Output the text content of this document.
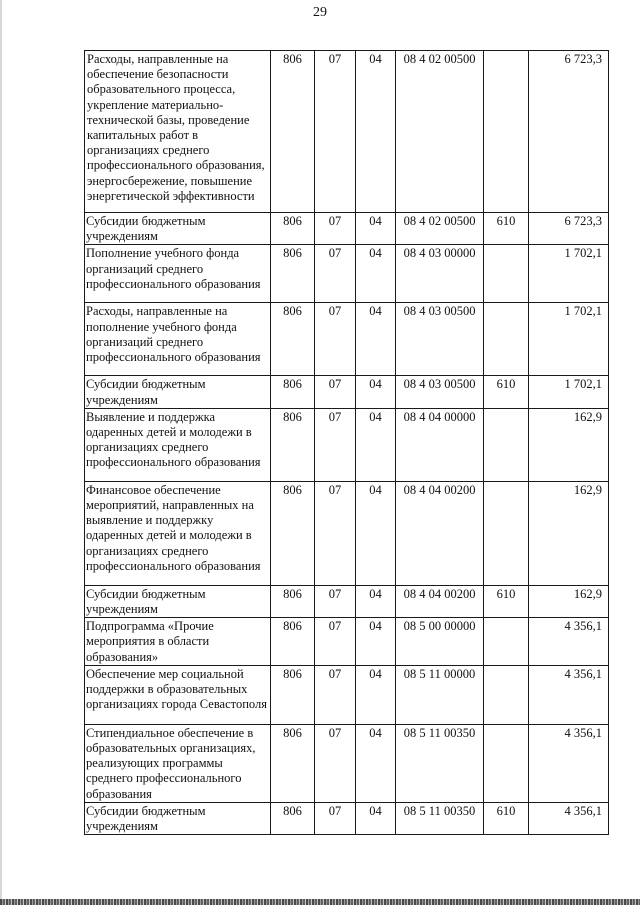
29
Расходы, направленные на обеспечение безопасности образовательного процесса, укрепление материально-технической базы, проведение капитальных работ в организациях среднего профессионального образования, энергосбережение, повышение энергетической эффективности	806	07	04	08 4 02 00500		6 723,3
Субсидии бюджетным учреждениям	806	07	04	08 4 02 00500	610	6 723,3
Пополнение учебного фонда организаций среднего профессионального образования	806	07	04	08 4 03 00000		1 702,1
Расходы, направленные на пополнение учебного фонда организаций среднего профессионального образования	806	07	04	08 4 03 00500		1 702,1
Субсидии бюджетным учреждениям	806	07	04	08 4 03 00500	610	1 702,1
Выявление и поддержка одаренных детей и молодежи в организациях среднего профессионального образования	806	07	04	08 4 04 00000		162,9
Финансовое обеспечение мероприятий, направленных на выявление и поддержку одаренных детей и молодежи в организациях среднего профессионального образования	806	07	04	08 4 04 00200		162,9
Субсидии бюджетным учреждениям	806	07	04	08 4 04 00200	610	162,9
Подпрограмма «Прочие мероприятия в области образования»	806	07	04	08 5 00 00000		4 356,1
Обеспечение мер социальной поддержки в образовательных организациях города Севастополя	806	07	04	08 5 11 00000		4 356,1
Стипендиальное обеспечение в образовательных организациях, реализующих программы среднего профессионального образования	806	07	04	08 5 11 00350		4 356,1
Субсидии бюджетным учреждениям	806	07	04	08 5 11 00350	610	4 356,1
